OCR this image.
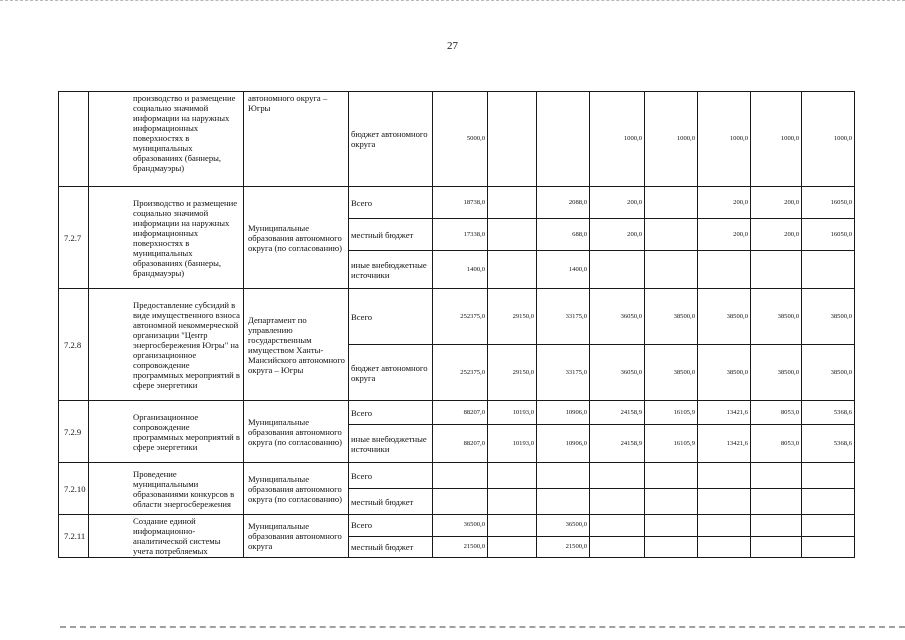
27
	производство и размещение социально значимой информации на наружных информационных поверхностях в муниципальных образованиях (баннеры, брандмауэры)	автономного округа – Югры	бюджет автономного округа	5000,0			1000,0	1000,0	1000,0	1000,0	1000,0
7.2.7	Производство и размещение социально значимой информации на наружных информационных поверхностях в муниципальных образованиях (баннеры, брандмауэры)	Муниципальные образования автономного округа (по согласованию)	Всего	18738,0		2088,0	200,0		200,0	200,0	16050,0
			местный бюджет	17338,0		688,0	200,0		200,0	200,0	16050,0
			иные внебюджетные источники	1400,0		1400,0					
7.2.8	Предоставление субсидий в виде имущественного взноса автономной некоммерческой организации "Центр энергосбережения Югры" на организационное сопровождение программных мероприятий в сфере энергетики	Департамент по управлению государственным имуществом Ханты-Мансийского автономного округа – Югры	Всего	252375,0	29150,0	33175,0	36050,0	38500,0	38500,0	38500,0	38500,0
			бюджет автономного округа	252375,0	29150,0	33175,0	36050,0	38500,0	38500,0	38500,0	38500,0
7.2.9	Организационное сопровождение программных мероприятий в сфере энергетики	Муниципальные образования автономного округа (по согласованию)	Всего	88207,0	10193,0	10906,0	24158,9	16105,9	13421,6	8053,0	5368,6
			иные внебюджетные источники	88207,0	10193,0	10906,0	24158,9	16105,9	13421,6	8053,0	5368,6
7.2.10	Проведение муниципальными образованиями конкурсов в области энергосбережения	Муниципальные образования автономного округа (по согласованию)	Всего								
			местный бюджет								
7.2.11	Создание единой информационно-аналитической системы учета потребляемых	Муниципальные образования автономного округа	Всего	36500,0		36500,0					
			местный бюджет	21500,0		21500,0					
